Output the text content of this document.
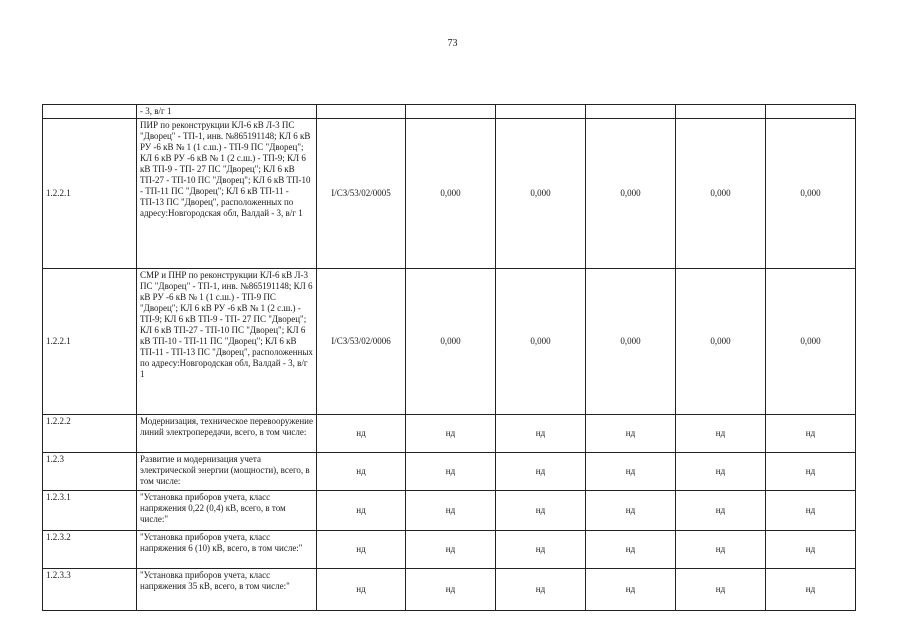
73
	- 3, в/г 1						
1.2.2.1	ПИР по реконструкции КЛ-6 кВ Л-3 ПС "Дворец" - ТП-1, инв. №865191148; КЛ 6 кВ РУ -6 кВ № 1 (1 с.ш.) - ТП-9 ПС "Дворец"; КЛ 6 кВ РУ -6 кВ № 1 (2 с.ш.) - ТП-9; КЛ 6 кВ ТП-9 - ТП- 27 ПС "Дворец"; КЛ 6 кВ ТП-27 - ТП-10 ПС "Дворец"; КЛ 6 кВ ТП-10 - ТП-11 ПС "Дворец"; КЛ 6 кВ ТП-11 - ТП-13 ПС "Дворец", расположенных по адресу:Новгородская обл, Валдай - 3, в/г 1	I/СЗ/53/02/0005	0,000	0,000	0,000	0,000	0,000
1.2.2.1	СМР и ПНР по реконструкции КЛ-6 кВ Л-3 ПС "Дворец" - ТП-1, инв. №865191148; КЛ 6 кВ РУ -6 кВ № 1 (1 с.ш.) - ТП-9 ПС "Дворец"; КЛ 6 кВ РУ -6 кВ № 1 (2 с.ш.) - ТП-9; КЛ 6 кВ ТП-9 - ТП- 27 ПС "Дворец"; КЛ 6 кВ ТП-27 - ТП-10 ПС "Дворец"; КЛ 6 кВ ТП-10 - ТП-11 ПС "Дворец"; КЛ 6 кВ ТП-11 - ТП-13 ПС "Дворец", расположенных по адресу:Новгородская обл, Валдай - 3, в/г 1	I/СЗ/53/02/0006	0,000	0,000	0,000	0,000	0,000
1.2.2.2	Модернизация, техническое перевооружение линий электропередачи, всего, в том числе:	нд	нд	нд	нд	нд	нд
1.2.3	Развитие и модернизация учета электрической энергии (мощности), всего, в том числе:	нд	нд	нд	нд	нд	нд
1.2.3.1	"Установка приборов учета, класс напряжения 0,22 (0,4) кВ, всего, в том числе:"	нд	нд	нд	нд	нд	нд
1.2.3.2	"Установка приборов учета, класс напряжения 6 (10) кВ, всего, в том числе:"	нд	нд	нд	нд	нд	нд
1.2.3.3	"Установка приборов учета, класс напряжения 35 кВ, всего, в том числе:"	нд	нд	нд	нд	нд	нд
